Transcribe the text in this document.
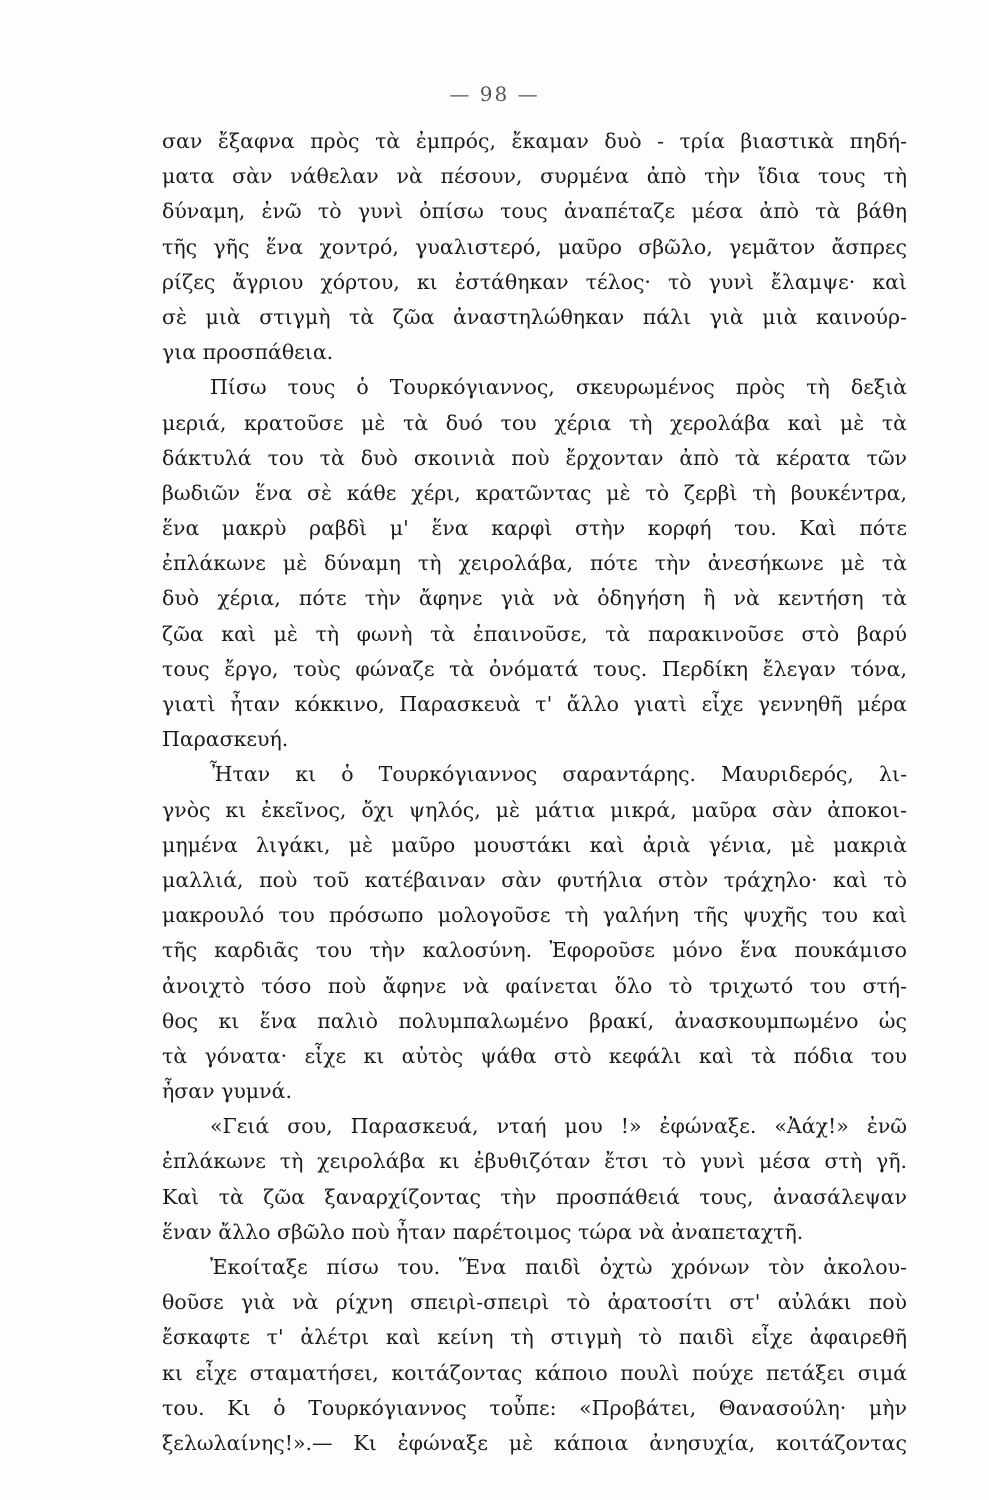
— 98 —
σαν ἔξαφνα πρὸς τὰ ἐμπρός, ἔκαμαν δυὸ - τρία βιαστικὰ πηδή-
ματα σὰν νάθελαν νὰ πέσουν, συρμένα ἀπὸ τὴν ἴδια τους τὴ
δύναμη, ἐνῶ τὸ γυνὶ ὀπίσω τους ἀναπέταζε μέσα ἀπὸ τὰ βάθη
τῆς γῆς ἕνα χοντρό, γυαλιστερό, μαῦρο σβῶλο, γεμᾶτον ἄσπρες
ρίζες ἄγριου χόρτου, κι ἐστάθηκαν τέλος· τὸ γυνὶ ἔλαμψε· καὶ
σὲ μιὰ στιγμὴ τὰ ζῶα ἀναστηλώθηκαν πάλι γιὰ μιὰ καινούρ-
για προσπάθεια.
Πίσω τους ὁ Τουρκόγιαννος, σκευρωμένος πρὸς τὴ δεξιὰ
μεριά, κρατοῦσε μὲ τὰ δυό του χέρια τὴ χερολάβα καὶ μὲ τὰ
δάκτυλά του τὰ δυὸ σκοινιὰ ποὺ ἔρχονταν ἀπὸ τὰ κέρατα τῶν
βωδιῶν ἕνα σὲ κάθε χέρι, κρατῶντας μὲ τὸ ζερβὶ τὴ βουκέντρα,
ἕνα μακρὺ ραβδὶ μ' ἕνα καρφὶ στὴν κορφή του. Καὶ πότε
ἐπλάκωνε μὲ δύναμη τὴ χειρολάβα, πότε τὴν ἀνεσήκωνε μὲ τὰ
δυὸ χέρια, πότε τὴν ἄφηνε γιὰ νὰ ὁδηγήση ἢ νὰ κεντήση τὰ
ζῶα καὶ μὲ τὴ φωνὴ τὰ ἐπαινοῦσε, τὰ παρακινοῦσε στὸ βαρύ
τους ἔργο, τοὺς φώναζε τὰ ὀνόματά τους. Περδίκη ἔλεγαν τόνα,
γιατὶ ἦταν κόκκινο, Παρασκευὰ τ' ἄλλο γιατὶ εἶχε γεννηθῆ μέρα
Παρασκευή.
Ἦταν κι ὁ Τουρκόγιαννος σαραντάρης. Μαυριδερός, λι-
γνὸς κι ἐκεῖνος, ὄχι ψηλός, μὲ μάτια μικρά, μαῦρα σὰν ἀποκοι-
μημένα λιγάκι, μὲ μαῦρο μουστάκι καὶ ἀριὰ γένια, μὲ μακριὰ
μαλλιά, ποὺ τοῦ κατέβαιναν σὰν φυτήλια στὸν τράχηλο· καὶ τὸ
μακρουλό του πρόσωπο μολογοῦσε τὴ γαλήνη τῆς ψυχῆς του καὶ
τῆς καρδιᾶς του τὴν καλοσύνη. Ἐφοροῦσε μόνο ἕνα πουκάμισο
ἀνοιχτὸ τόσο ποὺ ἄφηνε νὰ φαίνεται ὅλο τὸ τριχωτό του στή-
θος κι ἕνα παλιὸ πολυμπαλωμένο βρακί, ἀνασκουμπωμένο ὡς
τὰ γόνατα· εἶχε κι αὐτὸς ψάθα στὸ κεφάλι καὶ τὰ πόδια του
ἦσαν γυμνά.
«Γειά σου, Παρασκευά, νταή μου !» ἐφώναξε. «Ἀάχ!» ἐνῶ
ἐπλάκωνε τὴ χειρολάβα κι ἐβυθιζόταν ἔτσι τὸ γυνὶ μέσα στὴ γῆ.
Καὶ τὰ ζῶα ξαναρχίζοντας τὴν προσπάθειά τους, ἀνασάλεψαν
ἕναν ἄλλο σβῶλο ποὺ ἦταν παρέτοιμος τώρα νὰ ἀναπεταχτῆ.
Ἐκοίταξε πίσω του. Ἕνα παιδὶ ὀχτὼ χρόνων τὸν ἀκολου-
θοῦσε γιὰ νὰ ρίχνη σπειρὶ-σπειρὶ τὸ ἀρατοσίτι στ' αὐλάκι ποὺ
ἔσκαφτε τ' ἀλέτρι καὶ κείνη τὴ στιγμὴ τὸ παιδὶ εἶχε ἀφαιρεθῆ
κι εἶχε σταματήσει, κοιτάζοντας κάποιο πουλὶ πούχε πετάξει σιμά
του. Κι ὁ Τουρκόγιαννος τοὖπε: «Προβάτει, Θανασούλη· μὴν
ξελωλαίνης!».— Κι ἐφώναξε μὲ κάποια ἀνησυχία, κοιτάζοντας
